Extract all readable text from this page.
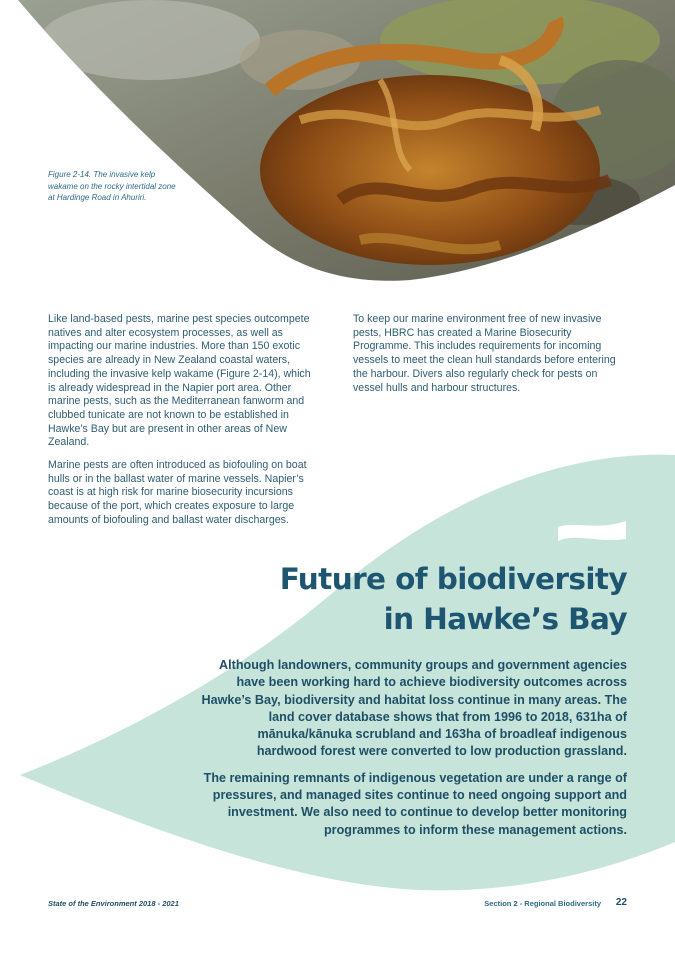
Figure 2-14. The invasive kelp wakame on the rocky intertidal zone at Hardinge Road in Ahuriri.

Like land-based pests, marine pest species outcompete natives and alter ecosystem processes, as well as impacting our marine industries. More than 150 exotic species are already in New Zealand coastal waters, including the invasive kelp wakame (Figure 2-14), which is already widespread in the Napier port area. Other marine pests, such as the Mediterranean fanworm and clubbed tunicate are not known to be established in Hawke’s Bay but are present in other areas of New Zealand.

Marine pests are often introduced as biofouling on boat hulls or in the ballast water of marine vessels. Napier’s coast is at high risk for marine biosecurity incursions because of the port, which creates exposure to large amounts of biofouling and ballast water discharges.

To keep our marine environment free of new invasive pests, HBRC has created a Marine Biosecurity Programme. This includes requirements for incoming vessels to meet the clean hull standards before entering the harbour. Divers also regularly check for pests on vessel hulls and harbour structures.

Future of biodiversity
in Hawke’s Bay

Although landowners, community groups and government agencies have been working hard to achieve biodiversity outcomes across Hawke’s Bay, biodiversity and habitat loss continue in many areas. The land cover database shows that from 1996 to 2018, 631ha of mānuka/kānuka scrubland and 163ha of broadleaf indigenous hardwood forest were converted to low production grassland.

The remaining remnants of indigenous vegetation are under a range of pressures, and managed sites continue to need ongoing support and investment. We also need to continue to develop better monitoring programmes to inform these management actions.

State of the Environment 2018 - 2021	Section 2 - Regional Biodiversity 22
